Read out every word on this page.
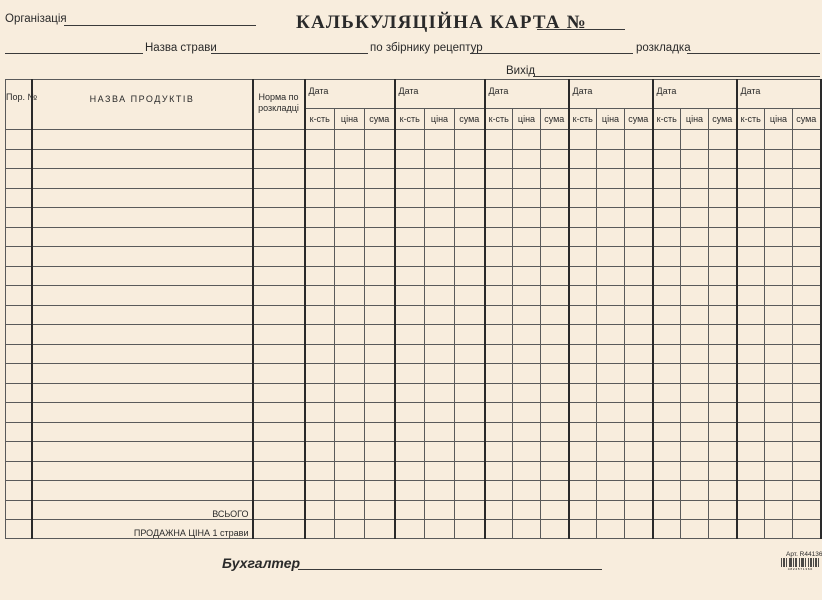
Організація	КАЛЬКУЛЯЦІЙНА КАРТА №
Назва страви	по збірнику рецептур	розкладка
Вихід
Пор. №	НАЗВА ПРОДУКТІВ	Норма по розкладці	Дата			Дата			Дата			Дата			Дата			Дата		
			к-сть	ціна	сума	к-сть	ціна	сума	к-сть	ціна	сума	к-сть	ціна	сума	к-сть	ціна	сума	к-сть	ціна	сума

	ВСЬОГО																			
	ПРОДАЖНА ЦІНА 1 страви																			
Бухгалтер
Арт. R44136
4 8 2 4 5 7 1 3 6 0
